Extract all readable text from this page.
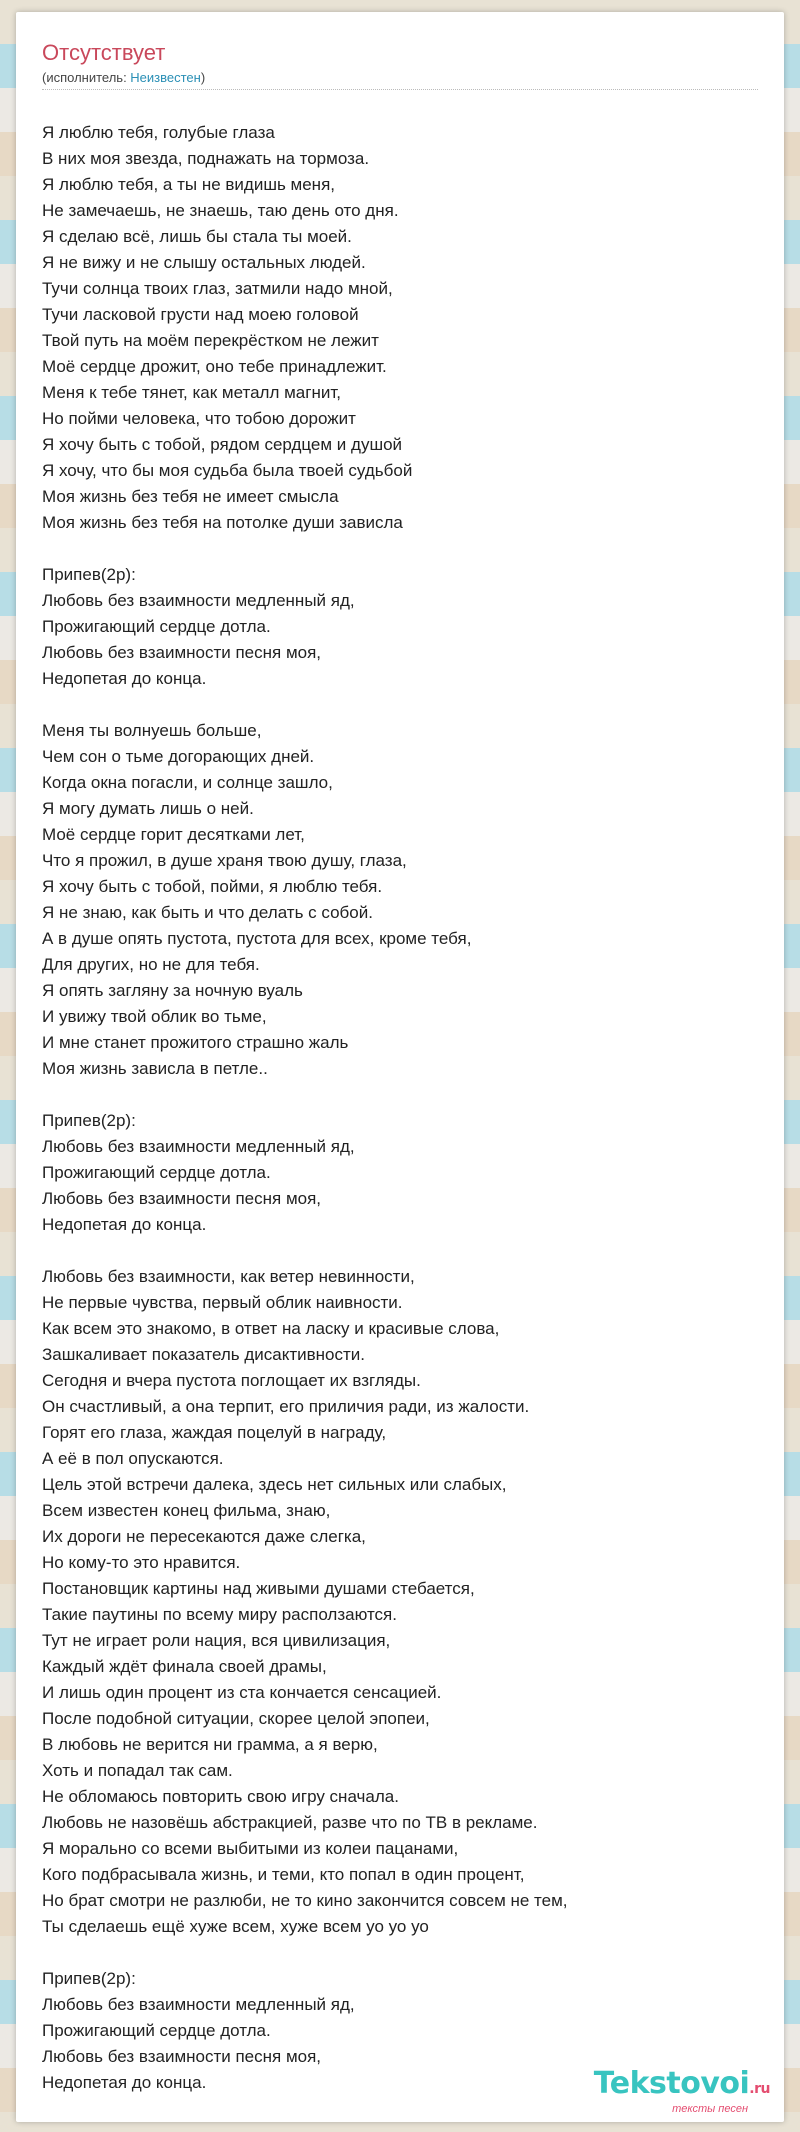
Отсутствует
(исполнитель: Неизвестен)
Я люблю тебя, голубые глаза
В них моя звезда, поднажать на тормоза.
Я люблю тебя, а ты не видишь меня,
Не замечаешь, не знаешь, таю день ото дня.
Я сделаю всё, лишь бы стала ты моей.
Я не вижу и не слышу остальных людей.
Тучи солнца твоих глаз, затмили надо мной,
Тучи ласковой грусти над моею головой
Твой путь на моём перекрёстком не лежит
Моё сердце дрожит, оно тебе принадлежит.
Меня к тебе тянет, как металл магнит,
Но пойми человека, что тобою дорожит
Я хочу быть с тобой, рядом сердцем и душой
Я хочу, что бы моя судьба была твоей судьбой
Моя жизнь без тебя не имеет смысла
Моя жизнь без тебя на потолке души зависла
Припев(2р):
Любовь без взаимности медленный яд,
Прожигающий сердце дотла.
Любовь без взаимности песня моя,
Недопетая до конца.
Меня ты волнуешь больше,
Чем сон о тьме догорающих дней.
Когда окна погасли, и солнце зашло,
Я могу думать лишь о ней.
Моё сердце горит десятками лет,
Что я прожил, в душе храня твою душу, глаза,
Я хочу быть с тобой, пойми, я люблю тебя.
Я не знаю, как быть и что делать с собой.
А в душе опять пустота, пустота для всех, кроме тебя,
Для других, но не для тебя.
Я опять загляну за ночную вуаль
И увижу твой облик во тьме,
И мне станет прожитого страшно жаль
Моя жизнь зависла в петле..
Припев(2р):
Любовь без взаимности медленный яд,
Прожигающий сердце дотла.
Любовь без взаимности песня моя,
Недопетая до конца.
Любовь без взаимности, как ветер невинности,
Не первые чувства, первый облик наивности.
Как всем это знакомо, в ответ на ласку и красивые слова,
Зашкаливает показатель дисактивности.
Сегодня и вчера пустота поглощает их взгляды.
Он счастливый, а она терпит, его приличия ради, из жалости.
Горят его глаза, жаждая поцелуй в награду,
А её в пол опускаются.
Цель этой встречи далека, здесь нет сильных или слабых,
Всем известен конец фильма, знаю,
Их дороги не пересекаются даже слегка,
Но кому-то это нравится.
Постановщик картины над живыми душами стебается,
Такие паутины по всему миру расползаются.
Тут не играет роли нация, вся цивилизация,
Каждый ждёт финала своей драмы,
И лишь один процент из ста кончается сенсацией.
После подобной ситуации, скорее целой эпопеи,
В любовь не верится ни грамма, а я верю,
Хоть и попадал так сам.
Не обломаюсь повторить свою игру сначала.
Любовь не назовёшь абстракцией, разве что по ТВ в рекламе.
Я морально со всеми выбитыми из колеи пацанами,
Кого подбрасывала жизнь, и теми, кто попал в один процент,
Но брат смотри не разлюби, не то кино закончится совсем не тем,
Ты сделаешь ещё хуже всем, хуже всем уо уо уо
Припев(2р):
Любовь без взаимности медленный яд,
Прожигающий сердце дотла.
Любовь без взаимности песня моя,
Недопетая до конца.	Tekstovoi.ru
тексты песен
